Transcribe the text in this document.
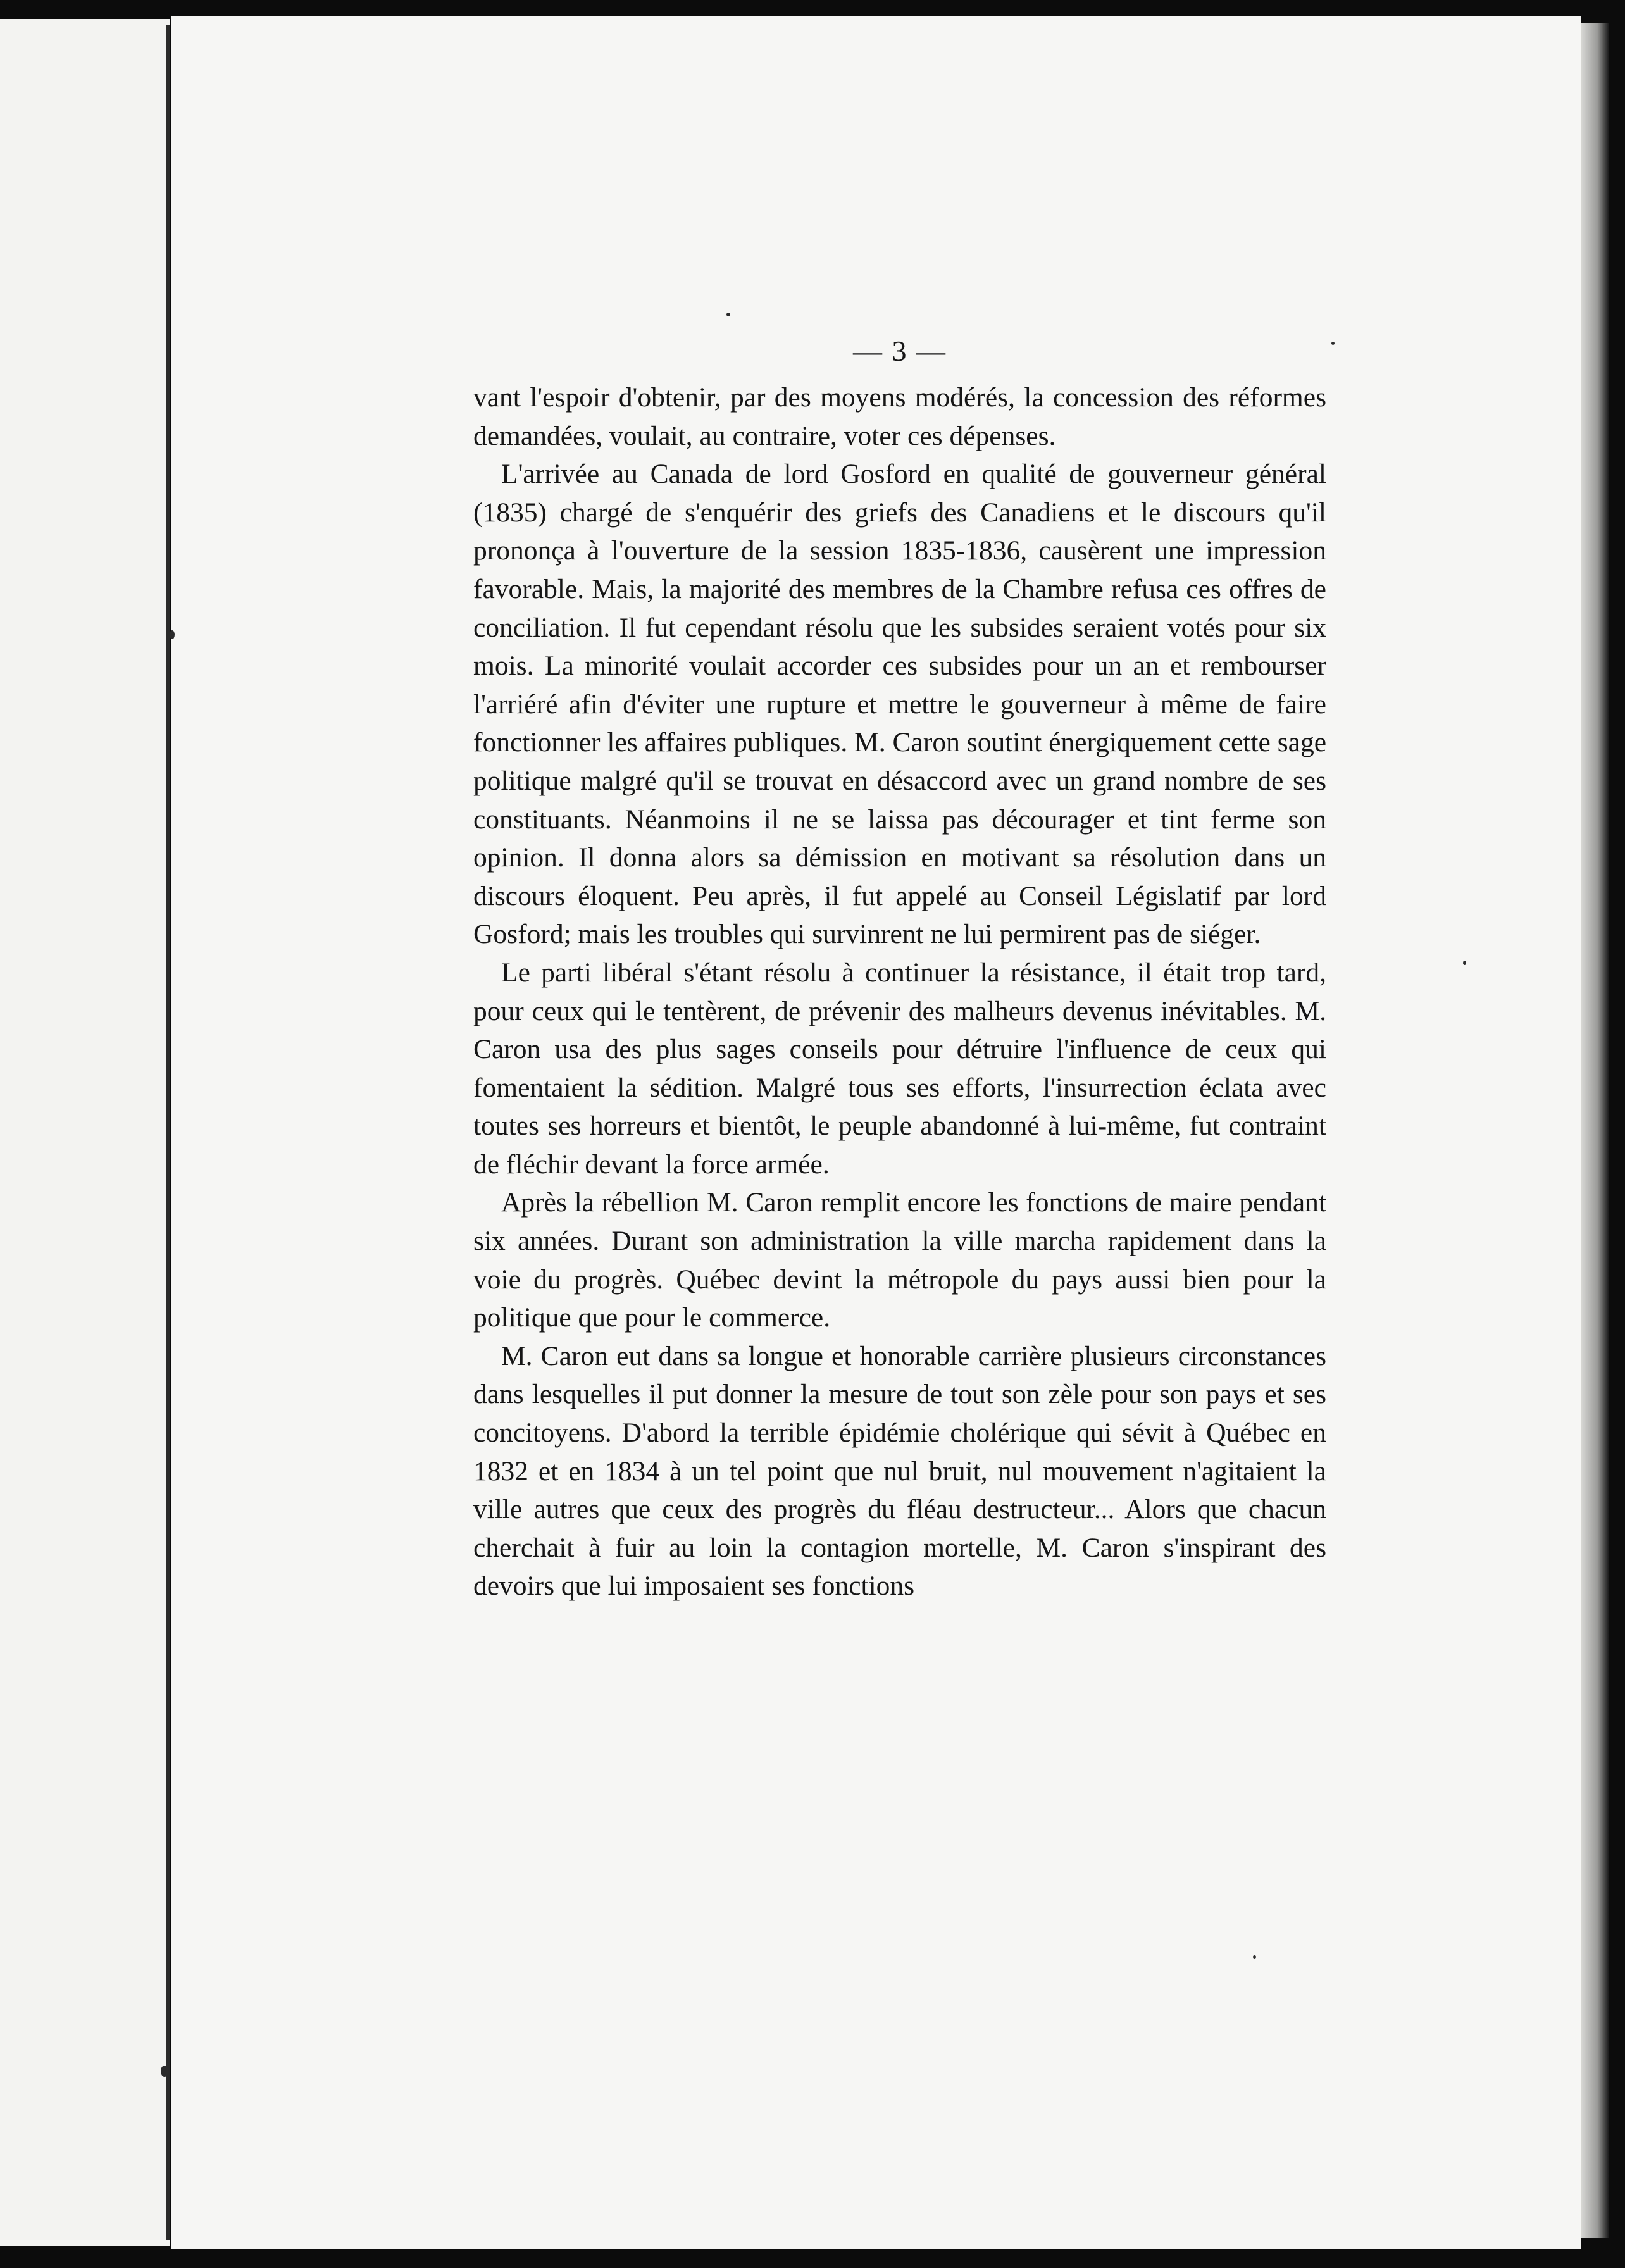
— 3 —

vant l'espoir d'obtenir, par des moyens modérés, la concession des réformes demandées, voulait, au contraire, voter ces dépenses.

L'arrivée au Canada de lord Gosford en qualité de gouverneur général (1835) chargé de s'enquérir des griefs des Canadiens et le discours qu'il prononça à l'ouverture de la session 1835-1836, causèrent une impression favorable. Mais, la majorité des membres de la Chambre refusa ces offres de conciliation. Il fut cependant résolu que les subsides seraient votés pour six mois. La minorité voulait accorder ces subsides pour un an et rembourser l'arriéré afin d'éviter une rupture et mettre le gouverneur à même de faire fonctionner les affaires publiques. M. Caron soutint énergiquement cette sage politique malgré qu'il se trouvat en désaccord avec un grand nombre de ses constituants. Néanmoins il ne se laissa pas décourager et tint ferme son opinion. Il donna alors sa démission en motivant sa résolution dans un discours éloquent. Peu après, il fut appelé au Conseil Législatif par lord Gosford; mais les troubles qui survinrent ne lui permirent pas de siéger.

Le parti libéral s'étant résolu à continuer la résistance, il était trop tard, pour ceux qui le tentèrent, de prévenir des malheurs devenus inévitables. M. Caron usa des plus sages conseils pour détruire l'influence de ceux qui fomentaient la sédition. Malgré tous ses efforts, l'insurrection éclata avec toutes ses horreurs et bientôt, le peuple abandonné à lui-même, fut contraint de fléchir devant la force armée.

Après la rébellion M. Caron remplit encore les fonctions de maire pendant six années. Durant son administration la ville marcha rapidement dans la voie du progrès. Québec devint la métropole du pays aussi bien pour la politique que pour le commerce.

M. Caron eut dans sa longue et honorable carrière plusieurs circonstances dans lesquelles il put donner la mesure de tout son zèle pour son pays et ses concitoyens. D'abord la terrible épidémie cholérique qui sévit à Québec en 1832 et en 1834 à un tel point que nul bruit, nul mouvement n'agitaient la ville autres que ceux des progrès du fléau destructeur... Alors que chacun cherchait à fuir au loin la contagion mortelle, M. Caron s'inspirant des devoirs que lui imposaient ses fonctions
